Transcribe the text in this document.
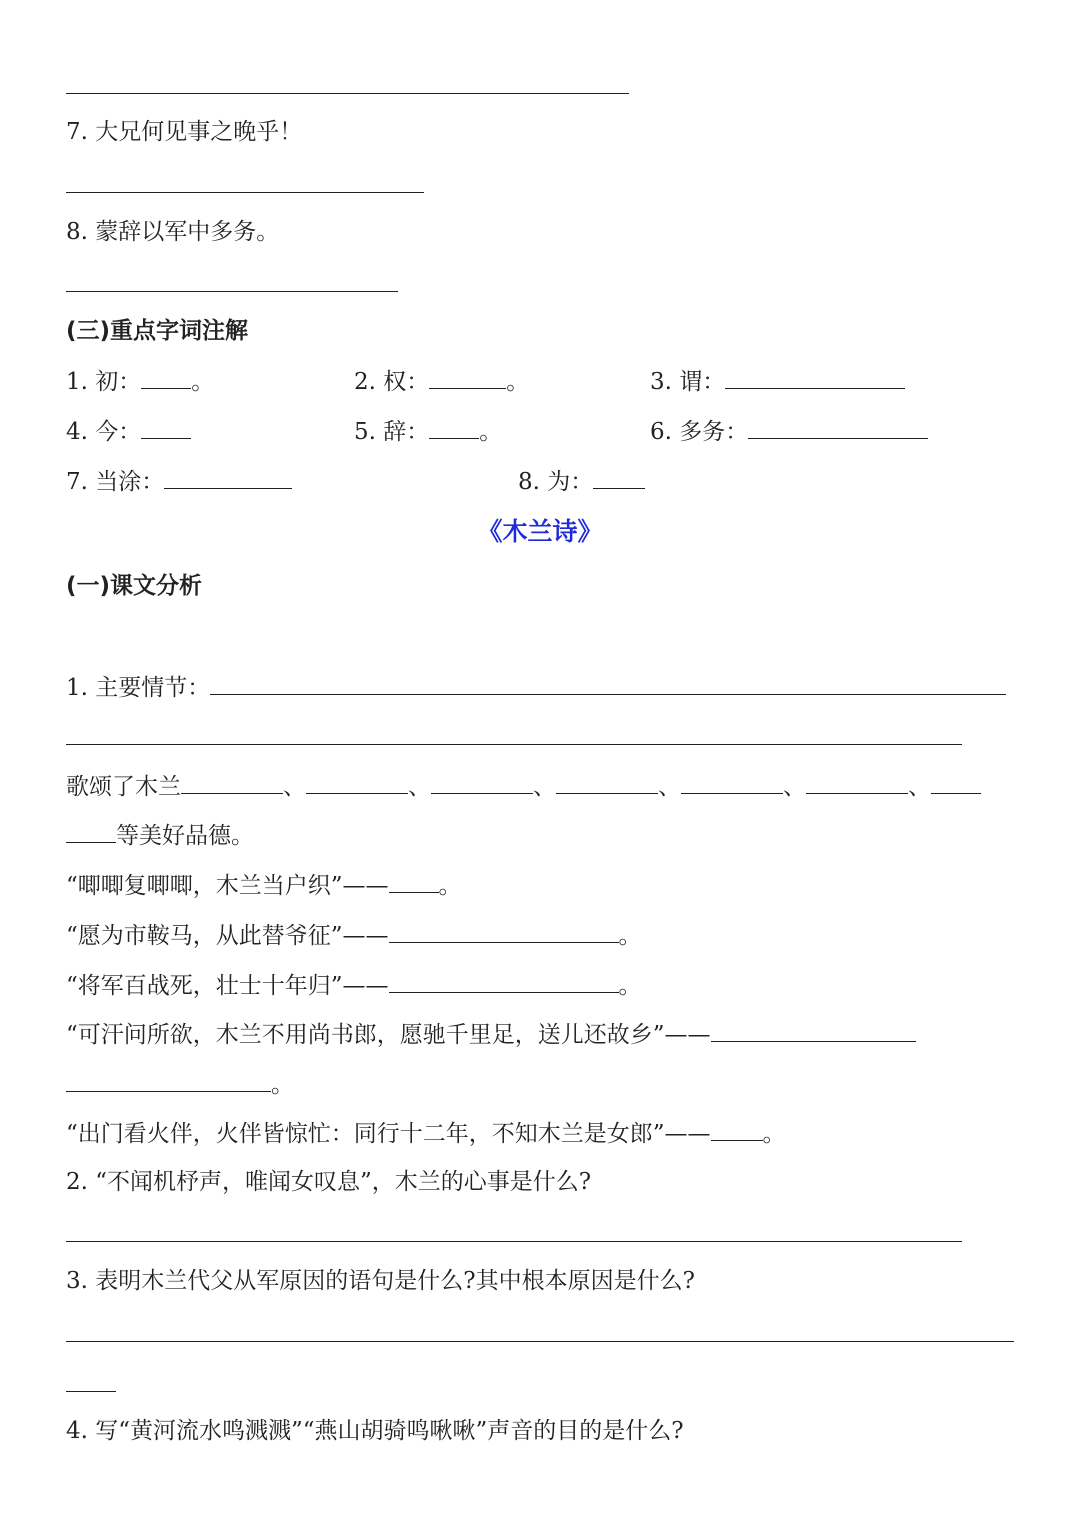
7. 大兄何见事之晚乎！
8. 蒙辞以军中多务。
(三)重点字词注解
1. 初： 。	2. 权：	。	3. 谓：
4. 今：	5. 辞： 。	6. 多务：
7. 当涂：	8. 为：
《木兰诗》
(一)课文分析
1. 主要情节：
歌颂了木兰	、	、	、	、	、	、
等美好品德。
“唧唧复唧唧，木兰当户织”—— 。
“愿为市鞍马，从此替爷征”——	。
“将军百战死，壮士十年归”——	。
“可汗问所欲，木兰不用尚书郎，愿驰千里足，送儿还故乡”——
。
“出门看火伴，火伴皆惊忙：同行十二年，不知木兰是女郎”—— 。
2. “不闻机杼声，唯闻女叹息”，木兰的心事是什么?
3. 表明木兰代父从军原因的语句是什么?其中根本原因是什么?
4. 写“黄河流水鸣溅溅”“燕山胡骑鸣啾啾”声音的目的是什么?
